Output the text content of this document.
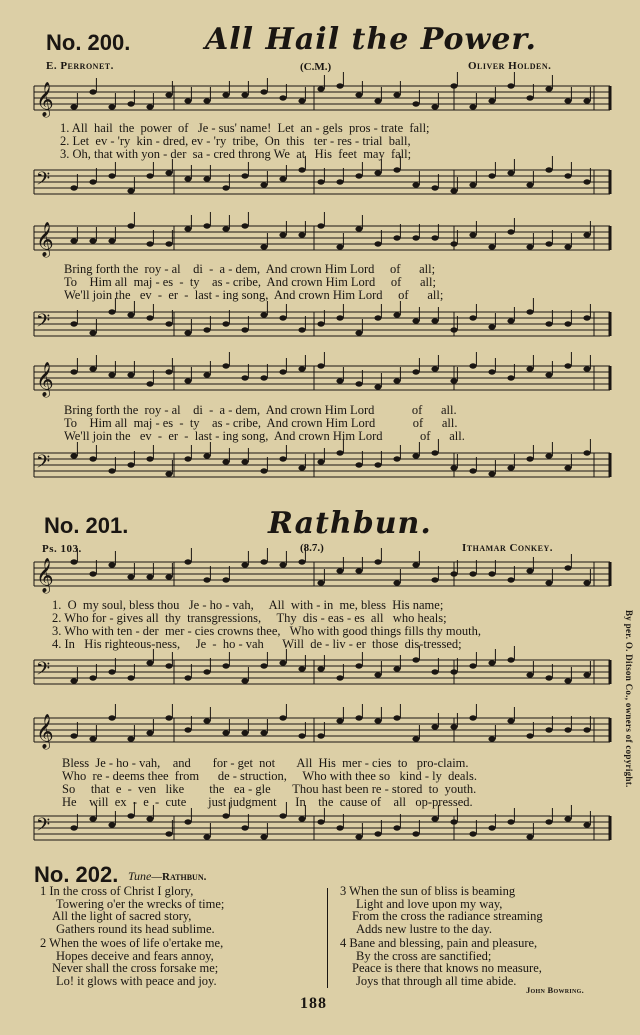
No. 200. All Hail the Power.
E. Perronet.	(C.M.)	Oliver Holden.
𝄞
1. All  hail  the  power  of   Je - sus' name!  Let  an - gels  pros - trate  fall;
2. Let  ev - 'ry  kin - dred, ev - 'ry  tribe,  On  this   ter - res - trial  ball,
3. Oh, that with yon - der  sa - cred throng We  at   His  feet  may  fall;
𝄢
𝄞
Bring forth the  roy - al    di  -  a - dem,  And crown Him Lord     of      all;
To    Him all  maj - es  -  ty    as - cribe,  And crown Him Lord     of      all;
We'll join the   ev  -  er  -  last - ing song,  And crown Him Lord     of      all;
𝄢
𝄞
Bring forth the  roy - al    di  -  a - dem,  And crown Him Lord            of      all.
To    Him all  maj - es  -  ty    as - cribe,  And crown Him Lord            of      all.
We'll join the   ev  -  er  -  last - ing song,  And crown Him Lord            of      all.
𝄢
No. 201.	Rathbun.
Ps. 103.	(8.7.)	Ithamar Conkey.
𝄞
1.  O  my soul, bless thou   Je - ho - vah,     All  with - in  me, bless  His name;
2. Who for - gives all  thy  transgressions,     Thy  dis - eas - es  all   who heals;
3. Who with ten - der  mer - cies crowns thee,   Who with good things fills thy mouth,
4. In   His righteous-ness,     Je  -  ho - vah      Will  de - liv - er  those  dis-tressed;
𝄢
𝄞
Bless  Je - ho - vah,    and       for - get  not       All  His  mer - cies  to   pro-claim.
Who  re - deems thee  from      de - struction,     Who with thee so   kind - ly  deals.
So     that  e  -  ven   like        the   ea - gle       Thou hast been re - stored  to  youth.
He    will  ex  -  e  -  cute       just judgment      In    the  cause of    all   op-pressed.
𝄢
By per. O. Ditson Co., owners of copyright.
No. 202. Tune—Rathbun.
1 In the cross of Christ I glory,
Towering o'er the wrecks of time;
All the light of sacred story,
Gathers round its head sublime.
2 When the woes of life o'ertake me,
Hopes deceive and fears annoy,
Never shall the cross forsake me;
Lo! it glows with peace and joy.
3 When the sun of bliss is beaming
Light and love upon my way,
From the cross the radiance streaming
Adds new lustre to the day.
4 Bane and blessing, pain and pleasure,
By the cross are sanctified;
Peace is there that knows no measure,
Joys that through all time abide.
John Bowring.
188
